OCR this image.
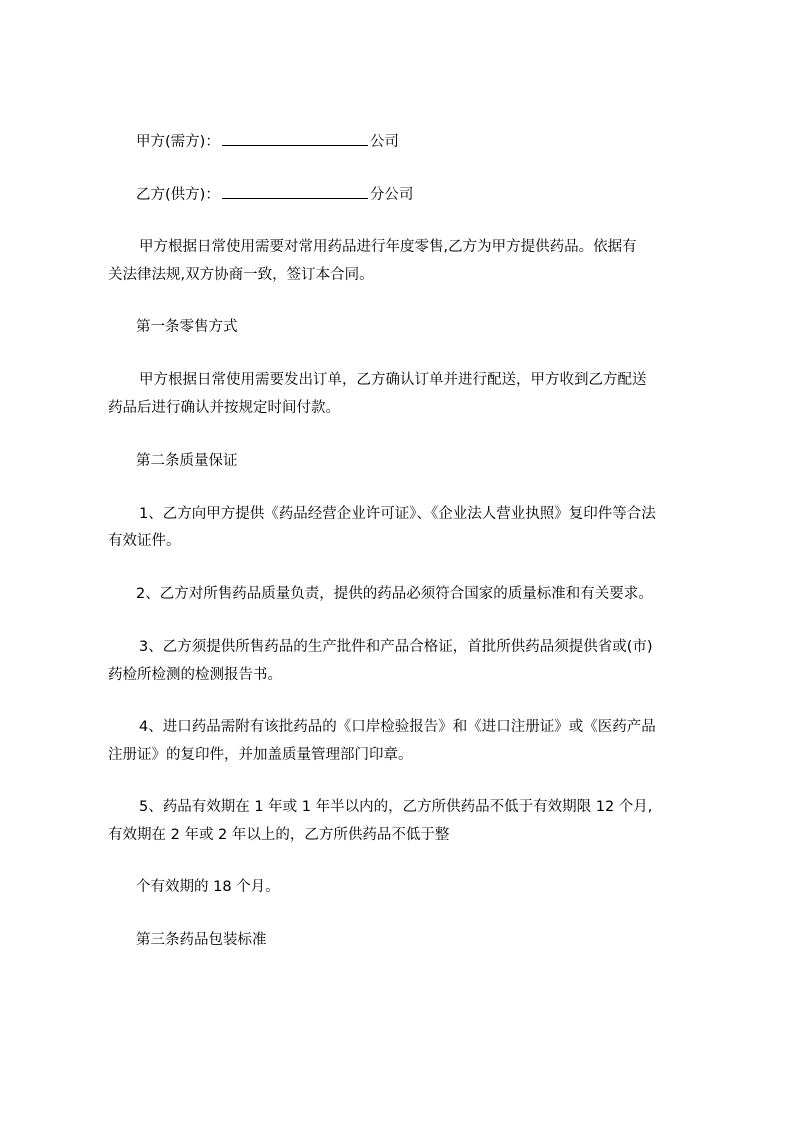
甲方(需方)：	公司
乙方(供方)：	分公司
甲方根据日常使用需要对常用药品进行年度零售,乙方为甲方提供药品。依据有
关法律法规,双方协商一致，签订本合同。
第一条零售方式
甲方根据日常使用需要发出订单，乙方确认订单并进行配送，甲方收到乙方配送
药品后进行确认并按规定时间付款。
第二条质量保证
1、乙方向甲方提供《药品经营企业许可证》、《企业法人营业执照》复印件等合法
有效证件。
2、乙方对所售药品质量负责，提供的药品必须符合国家的质量标准和有关要求。
3、乙方须提供所售药品的生产批件和产品合格证，首批所供药品须提供省或(市)
药检所检测的检测报告书。
4、进口药品需附有该批药品的《口岸检验报告》和《进口注册证》或《医药产品
注册证》的复印件，并加盖质量管理部门印章。
5、药品有效期在 1 年或 1 年半以内的，乙方所供药品不低于有效期限 12 个月,
有效期在 2 年或 2 年以上的，乙方所供药品不低于整
个有效期的 18 个月。
第三条药品包装标准
